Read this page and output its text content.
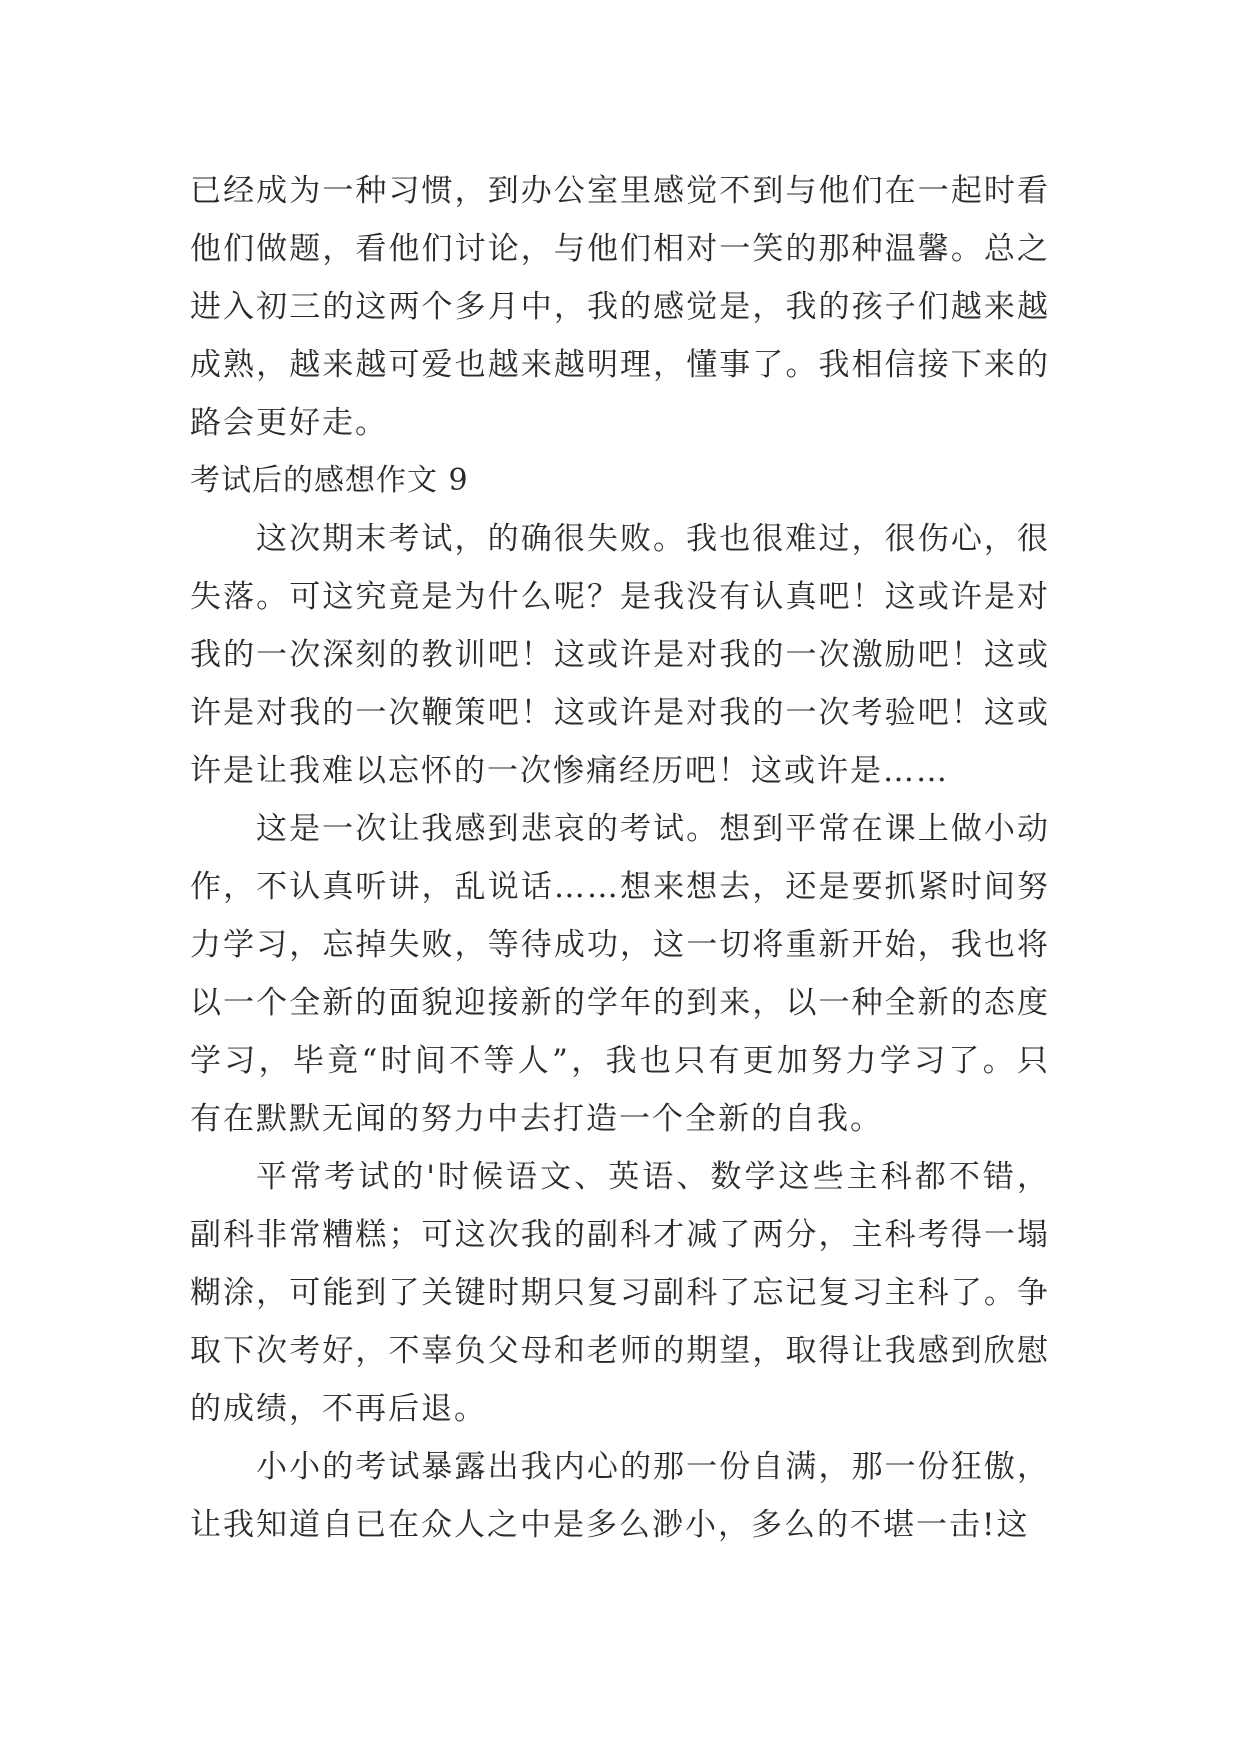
已经成为一种习惯，到办公室里感觉不到与他们在一起时看他们做题，看他们讨论，与他们相对一笑的那种温馨。总之进入初三的这两个多月中，我的感觉是，我的孩子们越来越成熟，越来越可爱也越来越明理，懂事了。我相信接下来的路会更好走。

考试后的感想作文 9

这次期末考试，的确很失败。我也很难过，很伤心，很失落。可这究竟是为什么呢？是我没有认真吧！这或许是对我的一次深刻的教训吧！这或许是对我的一次激励吧！这或许是对我的一次鞭策吧！这或许是对我的一次考验吧！这或许是让我难以忘怀的一次惨痛经历吧！这或许是……

这是一次让我感到悲哀的考试。想到平常在课上做小动作，不认真听讲，乱说话……想来想去，还是要抓紧时间努力学习，忘掉失败，等待成功，这一切将重新开始，我也将以一个全新的面貌迎接新的学年的到来，以一种全新的态度学习，毕竟“时间不等人”，我也只有更加努力学习了。只有在默默无闻的努力中去打造一个全新的自我。

平常考试的'时候语文、英语、数学这些主科都不错，副科非常糟糕；可这次我的副科才减了两分，主科考得一塌糊涂，可能到了关键时期只复习副科了忘记复习主科了。争取下次考好，不辜负父母和老师的期望，取得让我感到欣慰的成绩，不再后退。

小小的考试暴露出我内心的那一份自满，那一份狂傲，让我知道自已在众人之中是多么渺小，多么的不堪一击!这
